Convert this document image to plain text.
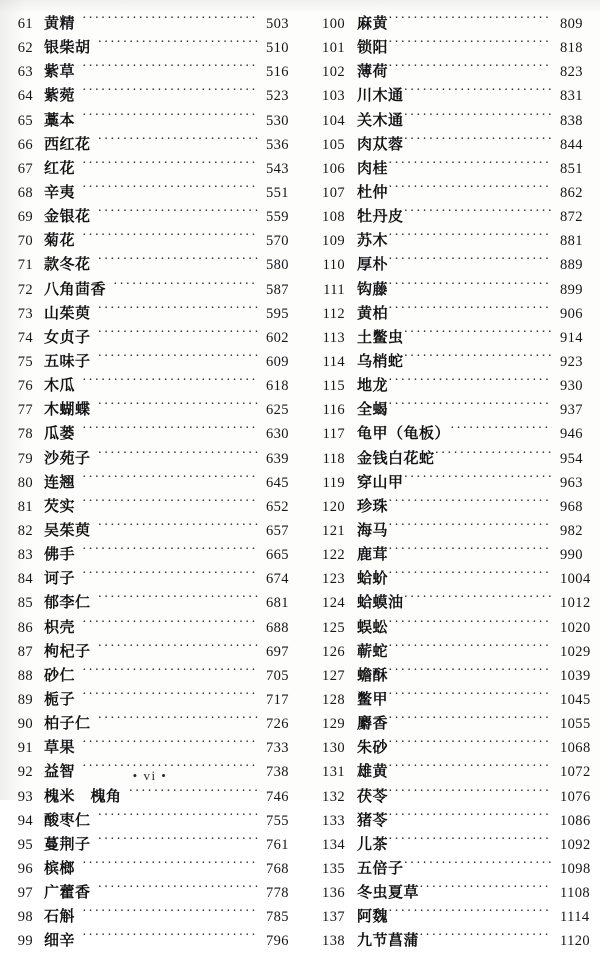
61 黄精 ·····	503
62 银柴胡 ·····	510
63 紫草 ·····	516
64 紫菀 ·····	523
65 藁本 ·····	530
66 西红花 ·····	536
67 红花 ·····	543
68 辛夷 ·····	551
69 金银花 ·····	559
70 菊花 ·····	570
71 款冬花 ·····	580
72 八角茴香 ·····	587
73 山茱萸 ·····	595
74 女贞子 ·····	602
75 五味子 ·····	609
76 木瓜 ·····	618
77 木蝴蝶 ·····	625
78 瓜蒌 ·····	630
79 沙苑子 ·····	639
80 连翘 ·····	645
81 芡实 ·····	652
82 吴茱萸 ·····	657
83 佛手 ·····	665
84 诃子 ·····	674
85 郁李仁 ·····	681
86 枳壳 ·····	688
87 枸杞子 ·····	697
88 砂仁 ·····	705
89 栀子 ·····	717
90 柏子仁 ·····	726
91 草果 ·····	733
92 益智 ·····	738
93 槐米　槐角 ·····	746
94 酸枣仁 ·····	755
95 蔓荆子 ·····	761
96 槟榔 ·····	768
97 广藿香 ·····	778
98 石斛 ·····	785
99 细辛 ·····	796
100 麻黄 ·····	809
101 锁阳 ·····	818
102 薄荷 ·····	823
103 川木通 ·····	831
104 关木通 ·····	838
105 肉苁蓉 ·····	844
106 肉桂 ·····	851
107 杜仲 ·····	862
108 牡丹皮 ·····	872
109 苏木 ·····	881
110 厚朴 ·····	889
111 钩藤 ·····	899
112 黄柏 ·····	906
113 土鳖虫 ·····	914
114 乌梢蛇 ·····	923
115 地龙 ·····	930
116 全蝎 ·····	937
117 龟甲（龟板） ·····	946
118 金钱白花蛇 ·····	954
119 穿山甲 ·····	963
120 珍珠 ·····	968
121 海马 ·····	982
122 鹿茸 ·····	990
123 蛤蚧 ·····	1004
124 蛤蟆油 ·····	1012
125 蜈蚣 ·····	1020
126 蕲蛇 ·····	1029
127 蟾酥 ·····	1039
128 鳖甲 ·····	1045
129 麝香 ·····	1055
130 朱砂 ·····	1068
131 雄黄 ·····	1072
132 茯苓 ·····	1076
133 猪苓 ·····	1086
134 儿茶 ·····	1092
135 五倍子 ·····	1098
136 冬虫夏草 ·····	1108
137 阿魏 ·····	1114
138 九节菖蒲 ·····	1120
• vi •
